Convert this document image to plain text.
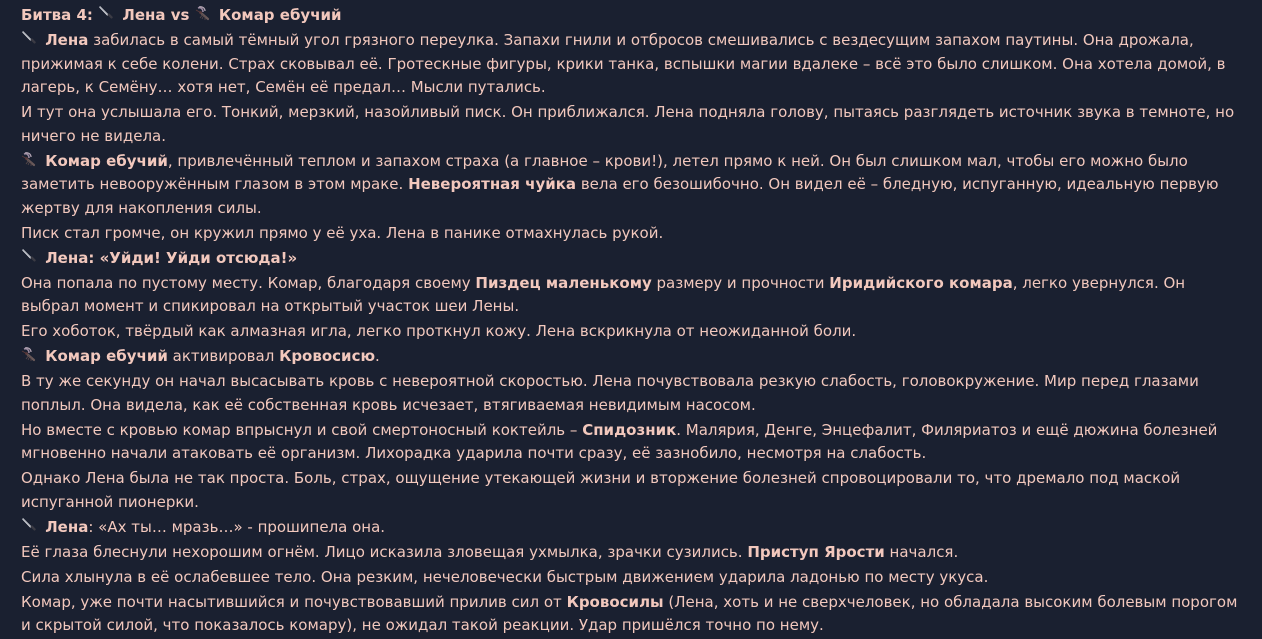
Битва 4:
Лена vs
Комар ебучий
Лена забилась в самый тёмный угол грязного переулка. Запахи гнили и отбросов смешивались с вездесущим запахом паутины. Она дрожала, прижимая к себе колени. Страх сковывал её. Гротескные фигуры, крики танка, вспышки магии вдалеке – всё это было слишком. Она хотела домой, в лагерь, к Семёну… хотя нет, Семён её предал… Мысли путались.
И тут она услышала его. Тонкий, мерзкий, назойливый писк. Он приближался. Лена подняла голову, пытаясь разглядеть источник звука в темноте, но ничего не видела.
Комар ебучий, привлечённый теплом и запахом страха (а главное – крови!), летел прямо к ней. Он был слишком мал, чтобы его можно было заметить невооружённым глазом в этом мраке. Невероятная чуйка вела его безошибочно. Он видел её – бледную, испуганную, идеальную первую жертву для накопления силы.
Писк стал громче, он кружил прямо у её уха. Лена в панике отмахнулась рукой.
Лена: «Уйди! Уйди отсюда!»
Она попала по пустому месту. Комар, благодаря своему Пиздец маленькому размеру и прочности Иридийского комара, легко увернулся. Он выбрал момент и спикировал на открытый участок шеи Лены.
Его хоботок, твёрдый как алмазная игла, легко проткнул кожу. Лена вскрикнула от неожиданной боли.
Комар ебучий активировал Кровосисю.
В ту же секунду он начал высасывать кровь с невероятной скоростью. Лена почувствовала резкую слабость, головокружение. Мир перед глазами поплыл. Она видела, как её собственная кровь исчезает, втягиваемая невидимым насосом.
Но вместе с кровью комар впрыснул и свой смертоносный коктейль – Спидозник. Малярия, Денге, Энцефалит, Филяриатоз и ещё дюжина болезней мгновенно начали атаковать её организм. Лихорадка ударила почти сразу, её зазнобило, несмотря на слабость.
Однако Лена была не так проста. Боль, страх, ощущение утекающей жизни и вторжение болезней спровоцировали то, что дремало под маской испуганной пионерки.
Лена: «Ах ты… мразь…» - прошипела она.
Её глаза блеснули нехорошим огнём. Лицо исказила зловещая ухмылка, зрачки сузились. Приступ Ярости начался.
Сила хлынула в её ослабевшее тело. Она резким, нечеловечески быстрым движением ударила ладонью по месту укуса.
Комар, уже почти насытившийся и почувствовавший прилив сил от Кровосилы (Лена, хоть и не сверхчеловек, но обладала высоким болевым порогом и скрытой силой, что показалось комару), не ожидал такой реакции. Удар пришёлся точно по нему.
